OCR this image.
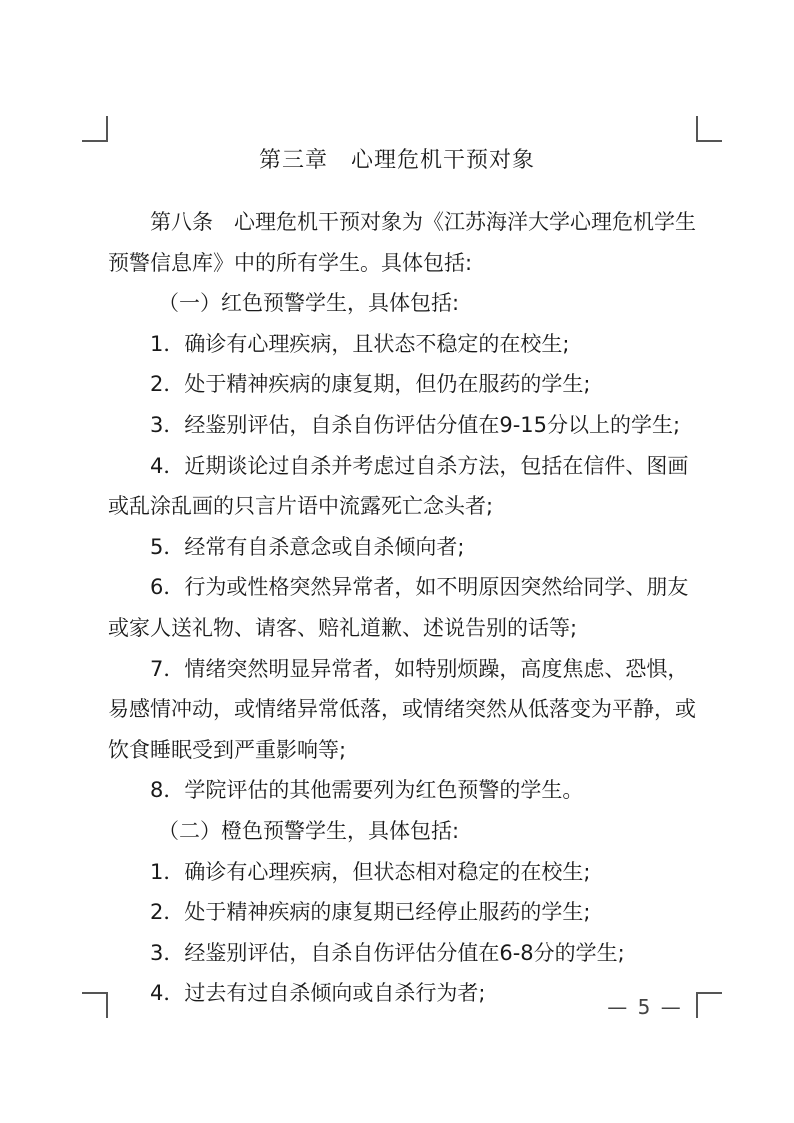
第三章　心理危机干预对象

第八条　心理危机干预对象为《江苏海洋大学心理危机学生预警信息库》中的所有学生。具体包括:

（一）红色预警学生，具体包括:

1．确诊有心理疾病，且状态不稳定的在校生;

2．处于精神疾病的康复期，但仍在服药的学生;

3．经鉴别评估，自杀自伤评估分值在9-15分以上的学生;

4．近期谈论过自杀并考虑过自杀方法，包括在信件、图画或乱涂乱画的只言片语中流露死亡念头者;

5．经常有自杀意念或自杀倾向者;

6．行为或性格突然异常者，如不明原因突然给同学、朋友或家人送礼物、请客、赔礼道歉、述说告别的话等;

7．情绪突然明显异常者，如特别烦躁，高度焦虑、恐惧，易感情冲动，或情绪异常低落，或情绪突然从低落变为平静，或饮食睡眠受到严重影响等;

8．学院评估的其他需要列为红色预警的学生。

（二）橙色预警学生，具体包括:

1．确诊有心理疾病，但状态相对稳定的在校生;

2．处于精神疾病的康复期已经停止服药的学生;

3．经鉴别评估，自杀自伤评估分值在6-8分的学生;

4．过去有过自杀倾向或自杀行为者;

— 5 —
